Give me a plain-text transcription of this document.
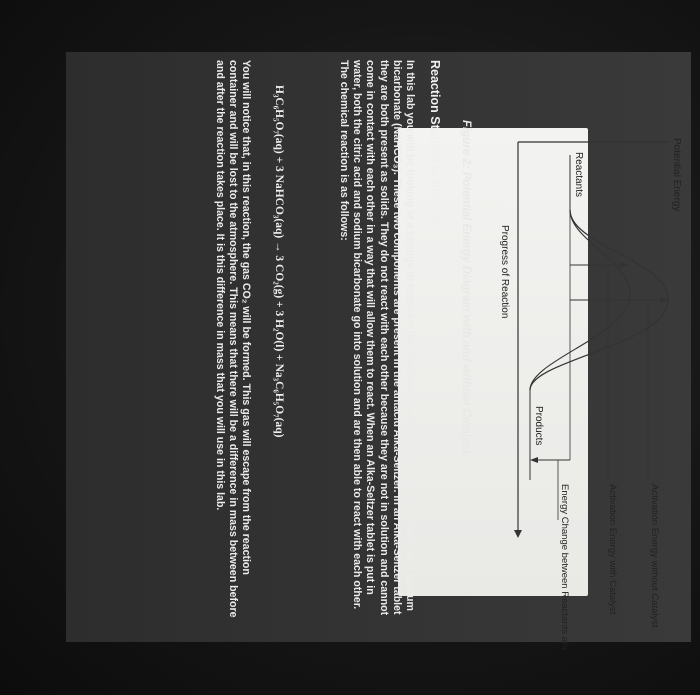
Potential Energy
Progress of Reaction
Reactants
Products
Activation Energy without Catalyst
Activation Energy with Catalyst
Energy Change between Reactants and Products
Figure 2: Potential Energy Diagram with and without Catalyst.
Reaction Studied in this Lab
In this lab you will be looking at a change in mass for the reaction between citric acid (H₃C₆H₅O₇) and sodium bicarbonate (NaHCO₃). These two components are present in the antacid Alka-Seltzer. In an Alka-Seltzer tablet they are both present as solids. They do not react with each other because they are not in solution and cannot come in contact with each other in a way that will allow them to react. When an Alka-Seltzer tablet is put in water, both the citric acid and sodium bicarbonate go into solution and are then able to react with each other. The chemical reaction is as follows:
H₃C₆H₅O₇(aq) + 3 NaHCO₃(aq) → 3 CO₂(g) + 3 H₂O(l) + Na₃C₆H₅O₇(aq)
You will notice that, in this reaction, the gas CO₂ will be formed. This gas will escape from the reaction container and will be lost to the atmosphere. This means that there will be a difference in mass between before and after the reaction takes place. It is this difference in mass that you will use in this lab.
